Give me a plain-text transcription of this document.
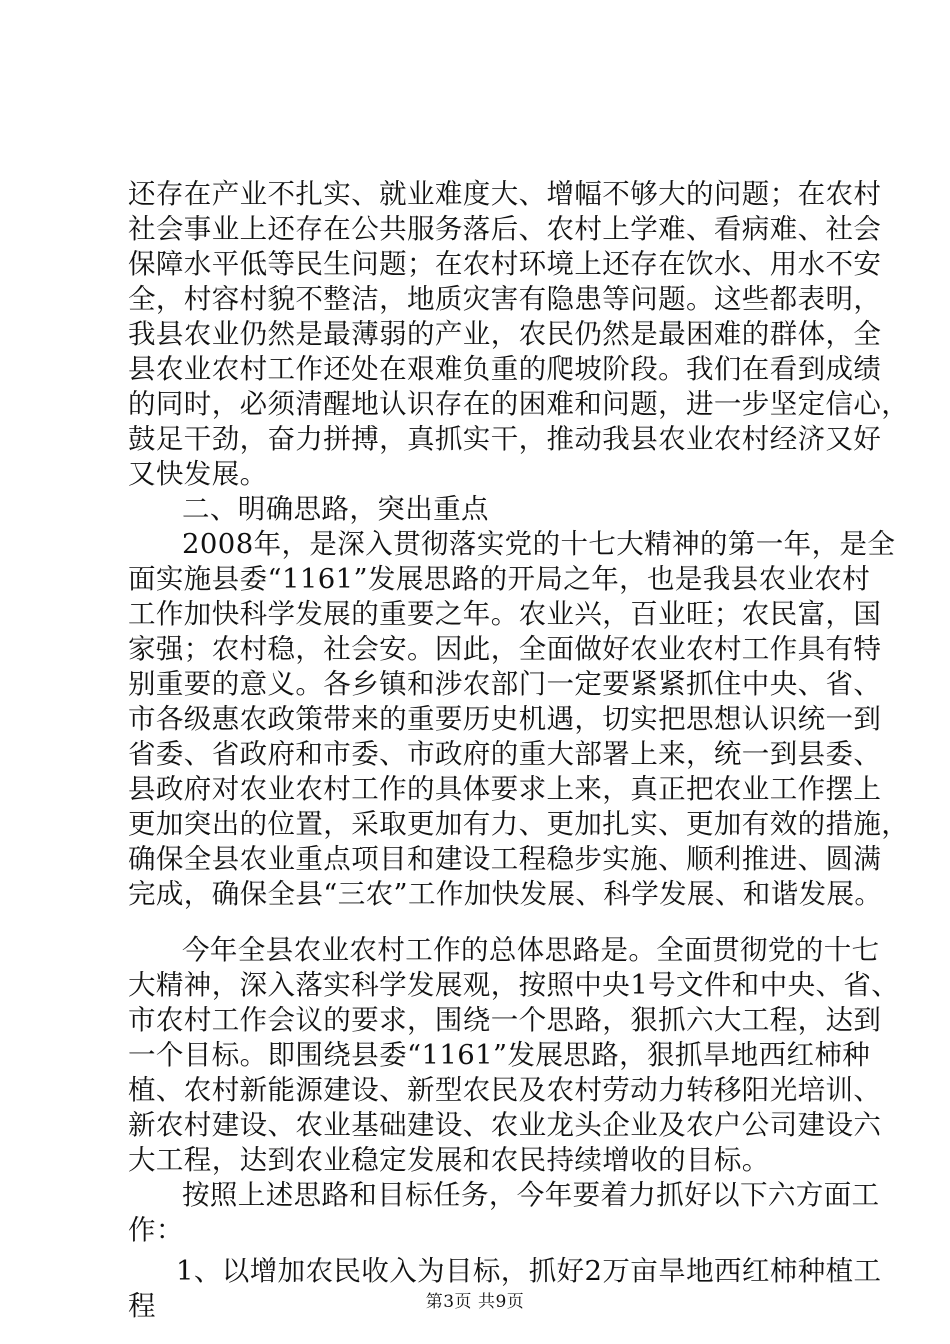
还存在产业不扎实、就业难度大、增幅不够大的问题；在农村
社会事业上还存在公共服务落后、农村上学难、看病难、社会
保障水平低等民生问题；在农村环境上还存在饮水、用水不安
全，村容村貌不整洁，地质灾害有隐患等问题。这些都表明，
我县农业仍然是最薄弱的产业，农民仍然是最困难的群体，全
县农业农村工作还处在艰难负重的爬坡阶段。我们在看到成绩
的同时，必须清醒地认识存在的困难和问题，进一步坚定信心，
鼓足干劲，奋力拼搏，真抓实干，推动我县农业农村经济又好
又快发展。
二、明确思路，突出重点
2008年，是深入贯彻落实党的十七大精神的第一年，是全
面实施县委“1161”发展思路的开局之年，也是我县农业农村
工作加快科学发展的重要之年。农业兴，百业旺；农民富，国
家强；农村稳，社会安。因此，全面做好农业农村工作具有特
别重要的意义。各乡镇和涉农部门一定要紧紧抓住中央、省、
市各级惠农政策带来的重要历史机遇，切实把思想认识统一到
省委、省政府和市委、市政府的重大部署上来，统一到县委、
县政府对农业农村工作的具体要求上来，真正把农业工作摆上
更加突出的位置，采取更加有力、更加扎实、更加有效的措施，
确保全县农业重点项目和建设工程稳步实施、顺利推进、圆满
完成，确保全县“三农”工作加快发展、科学发展、和谐发展。
今年全县农业农村工作的总体思路是。全面贯彻党的十七
大精神，深入落实科学发展观，按照中央1号文件和中央、省、
市农村工作会议的要求，围绕一个思路，狠抓六大工程，达到
一个目标。即围绕县委“1161”发展思路，狠抓旱地西红柿种
植、农村新能源建设、新型农民及农村劳动力转移阳光培训、
新农村建设、农业基础建设、农业龙头企业及农户公司建设六
大工程，达到农业稳定发展和农民持续增收的目标。
按照上述思路和目标任务，今年要着力抓好以下六方面工
作：
1、以增加农民收入为目标，抓好2万亩旱地西红柿种植工
程	第3页 共9页
